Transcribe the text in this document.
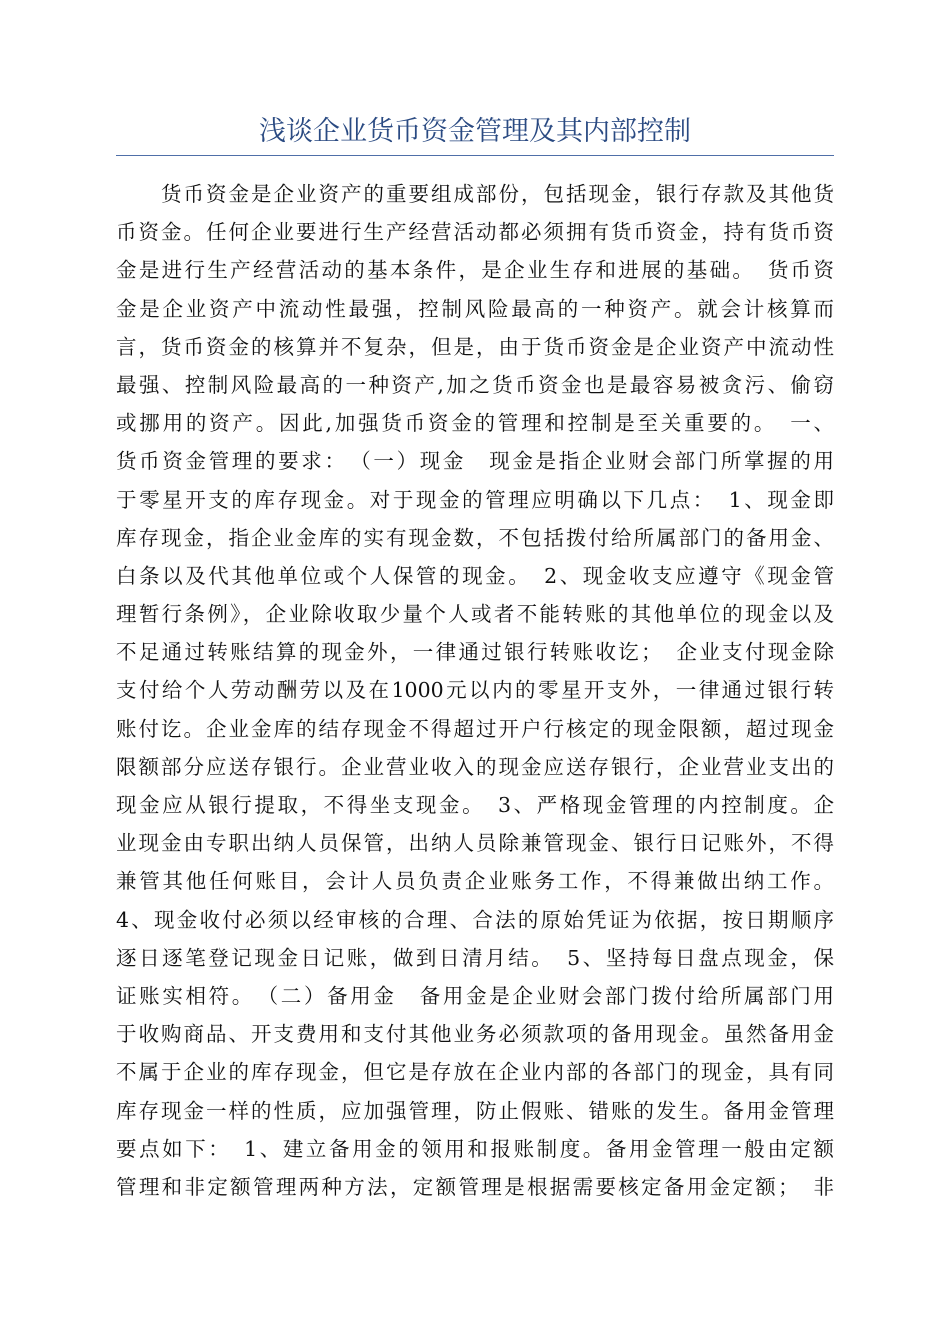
浅谈企业货币资金管理及其内部控制
　　货币资金是企业资产的重要组成部份，包括现金，银行存款及其他货
币资金。任何企业要进行生产经营活动都必须拥有货币资金，持有货币资
金是进行生产经营活动的基本条件，是企业生存和进展的基础。　货币资
金是企业资产中流动性最强，控制风险最高的一种资产。就会计核算而
言，货币资金的核算并不复杂，但是，由于货币资金是企业资产中流动性
最强、控制风险最高的一种资产,加之货币资金也是最容易被贪污、偷窃
或挪用的资产。因此,加强货币资金的管理和控制是至关重要的。　一、
货币资金管理的要求：　（一）现金　现金是指企业财会部门所掌握的用
于零星开支的库存现金。对于现金的管理应明确以下几点：　1、现金即
库存现金，指企业金库的实有现金数，不包括拨付给所属部门的备用金、
白条以及代其他单位或个人保管的现金。　2、现金收支应遵守《现金管
理暂行条例》，企业除收取少量个人或者不能转账的其他单位的现金以及
不足通过转账结算的现金外，一律通过银行转账收讫；　企业支付现金除
支付给个人劳动酬劳以及在1000元以内的零星开支外，一律通过银行转
账付讫。企业金库的结存现金不得超过开户行核定的现金限额，超过现金
限额部分应送存银行。企业营业收入的现金应送存银行，企业营业支出的
现金应从银行提取，不得坐支现金。　3、严格现金管理的内控制度。企
业现金由专职出纳人员保管，出纳人员除兼管现金、银行日记账外，不得
兼管其他任何账目，会计人员负责企业账务工作，不得兼做出纳工作。
4、现金收付必须以经审核的合理、合法的原始凭证为依据，按日期顺序
逐日逐笔登记现金日记账，做到日清月结。　5、坚持每日盘点现金，保
证账实相符。　（二）备用金　备用金是企业财会部门拨付给所属部门用
于收购商品、开支费用和支付其他业务必须款项的备用现金。虽然备用金
不属于企业的库存现金，但它是存放在企业内部的各部门的现金，具有同
库存现金一样的性质，应加强管理，防止假账、错账的发生。备用金管理
要点如下：　1、建立备用金的领用和报账制度。备用金管理一般由定额
管理和非定额管理两种方法，定额管理是根据需要核定备用金定额；　非
